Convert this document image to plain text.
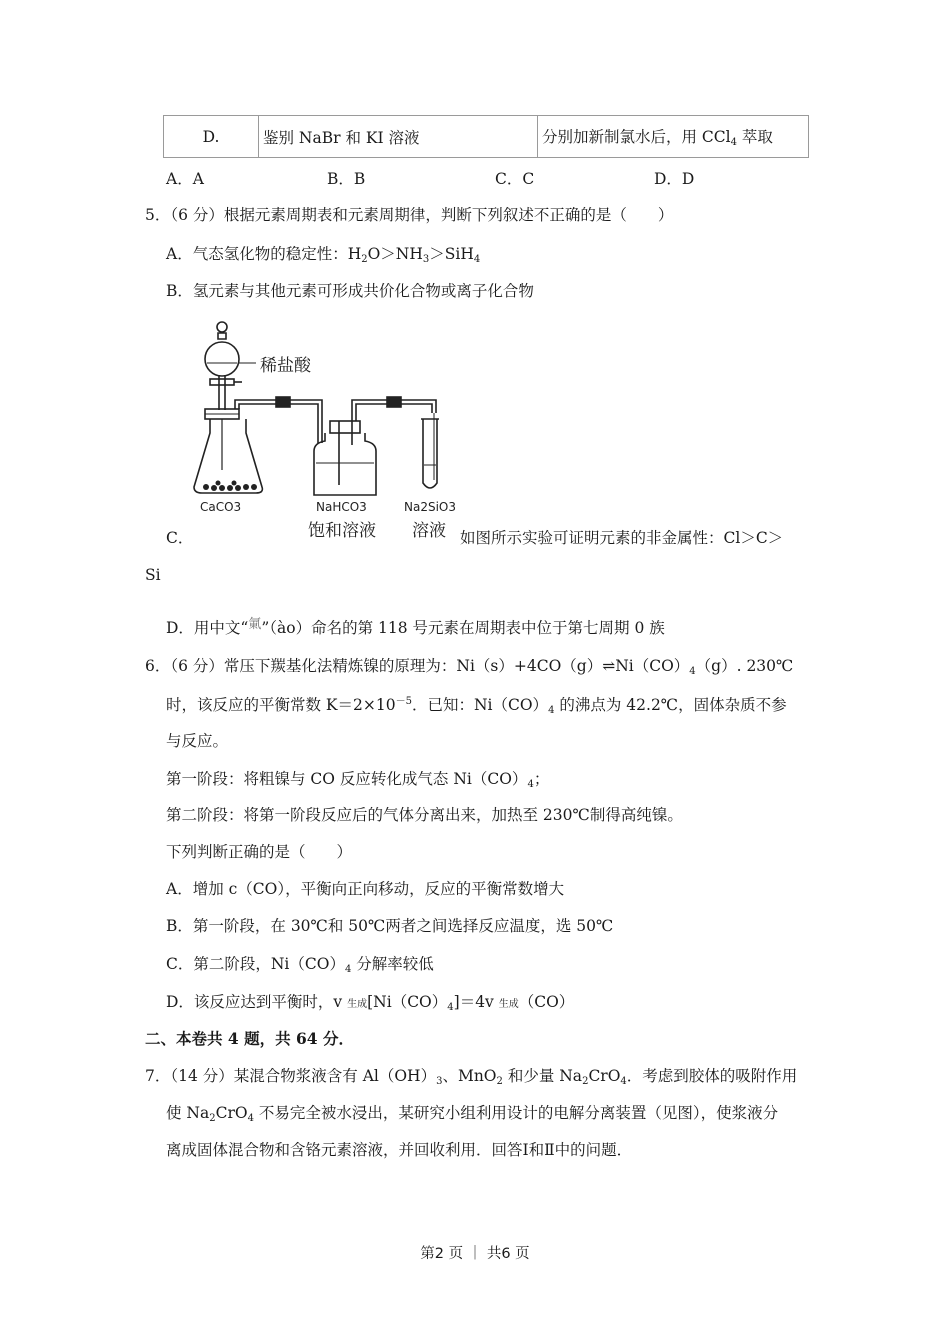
D.	鉴别 NaBr 和 KI 溶液	分别加新制氯水后，用 CCl$_4$ 萃取
A．A	B．B	C．C	D．D
5．（6 分）根据元素周期表和元素周期律，判断下列叙述不正确的是（　　）
A．气态氢化物的稳定性：$H_2O>NH_3>SiH_4$
B．氢元素与其他元素可形成共价化合物或离子化合物
稀盐酸
CaCO3	NaHCO3
饱和溶液
Na2SiO3
溶液
C．	如图所示实验可证明元素的非金属性：Cl＞C＞
Si
D．用中文“$^氭$”（ào）命名的第 118 号元素在周期表中位于第七周期 0 族
6．（6 分）常压下羰基化法精炼镍的原理为：$Ni(s)+4CO(g)\rightleftharpoons Ni(CO)_4(g)$. 230℃
时，该反应的平衡常数 $K=2\times 10^{-5}$．已知：$Ni(CO)_4$ 的沸点为 42.2℃，固体杂质不参
与反应。
第一阶段：将粗镍与 CO 反应转化成气态 $Ni(CO)_4$；
第二阶段：将第一阶段反应后的气体分离出来，加热至 230℃制得高纯镍。
下列判断正确的是（　　）
A．增加 c（CO），平衡向正向移动，反应的平衡常数增大
B．第一阶段，在 30℃和 50℃两者之间选择反应温度，选 50℃
C．第二阶段，$Ni(CO)_4$ 分解率较低
D．该反应达到平衡时，v 生成$[Ni(CO)_4]=4v$ 生成（CO）
二、本卷共 4 题，共 64 分．
7．（14 分）某混合物浆液含有 $Al(OH)_3$、MnO$_2$ 和少量 $Na_2CrO_4$．考虑到胶体的吸附作用
使 $Na_2CrO_4$ 不易完全被水浸出，某研究小组利用设计的电解分离装置（见图），使浆液分
离成固体混合物和含铬元素溶液，并回收利用．回答Ⅰ和Ⅱ中的问题．
第2 页 ｜ 共6 页
